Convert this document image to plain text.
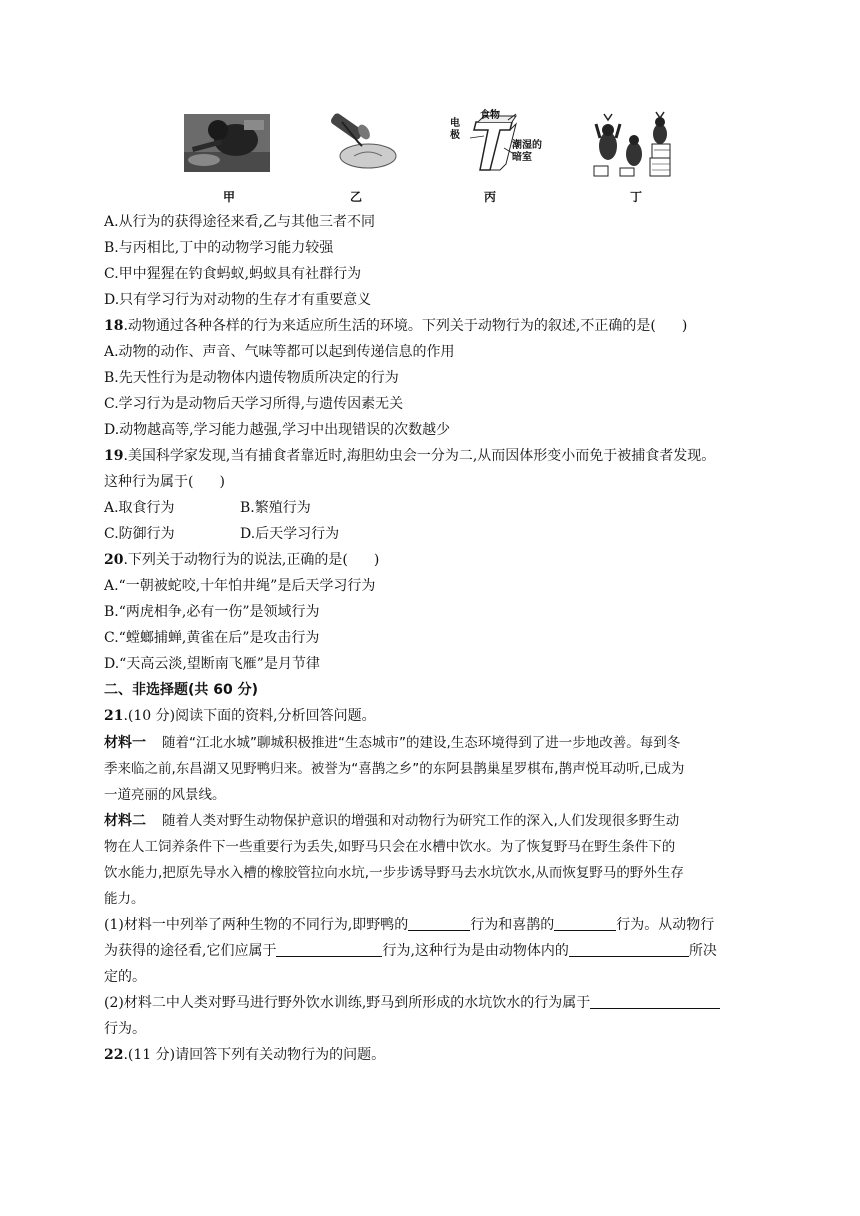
甲	乙
电
极
食物
潮湿的
暗室
丙	丁
A.从行为的获得途径来看,乙与其他三者不同
B.与丙相比,丁中的动物学习能力较强
C.甲中猩猩在钓食蚂蚁,蚂蚁具有社群行为
D.只有学习行为对动物的生存才有重要意义
18.动物通过各种各样的行为来适应所生活的环境。下列关于动物行为的叙述,不正确的是( )
A.动物的动作、声音、气味等都可以起到传递信息的作用
B.先天性行为是动物体内遗传物质所决定的行为
C.学习行为是动物后天学习所得,与遗传因素无关
D.动物越高等,学习能力越强,学习中出现错误的次数越少
19.美国科学家发现,当有捕食者靠近时,海胆幼虫会一分为二,从而因体形变小而免于被捕食者发现。
这种行为属于( )
A.取食行为	B.繁殖行为
C.防御行为	D.后天学习行为
20.下列关于动物行为的说法,正确的是( )
A.“一朝被蛇咬,十年怕井绳”是后天学习行为
B.“两虎相争,必有一伤”是领域行为
C.“螳螂捕蝉,黄雀在后”是攻击行为
D.“天高云淡,望断南飞雁”是月节律
二、非选择题(共 60 分)
21.(10 分)阅读下面的资料,分析回答问题。
材料一 随着“江北水城”聊城积极推进“生态城市”的建设,生态环境得到了进一步地改善。每到冬
季来临之前,东昌湖又见野鸭归来。被誉为“喜鹊之乡”的东阿县鹊巢星罗棋布,鹊声悦耳动听,已成为
一道亮丽的风景线。
材料二 随着人类对野生动物保护意识的增强和对动物行为研究工作的深入,人们发现很多野生动
物在人工饲养条件下一些重要行为丢失,如野马只会在水槽中饮水。为了恢复野马在野生条件下的
饮水能力,把原先导水入槽的橡胶管拉向水坑,一步步诱导野马去水坑饮水,从而恢复野马的野外生存
能力。
(1)材料一中列举了两种生物的不同行为,即野鸭的	行为和喜鹊的	行为。从动物行
为获得的途径看,它们应属于	行为,这种行为是由动物体内的	所决
定的。
(2)材料二中人类对野马进行野外饮水训练,野马到所形成的水坑饮水的行为属于
行为。
22.(11 分)请回答下列有关动物行为的问题。
